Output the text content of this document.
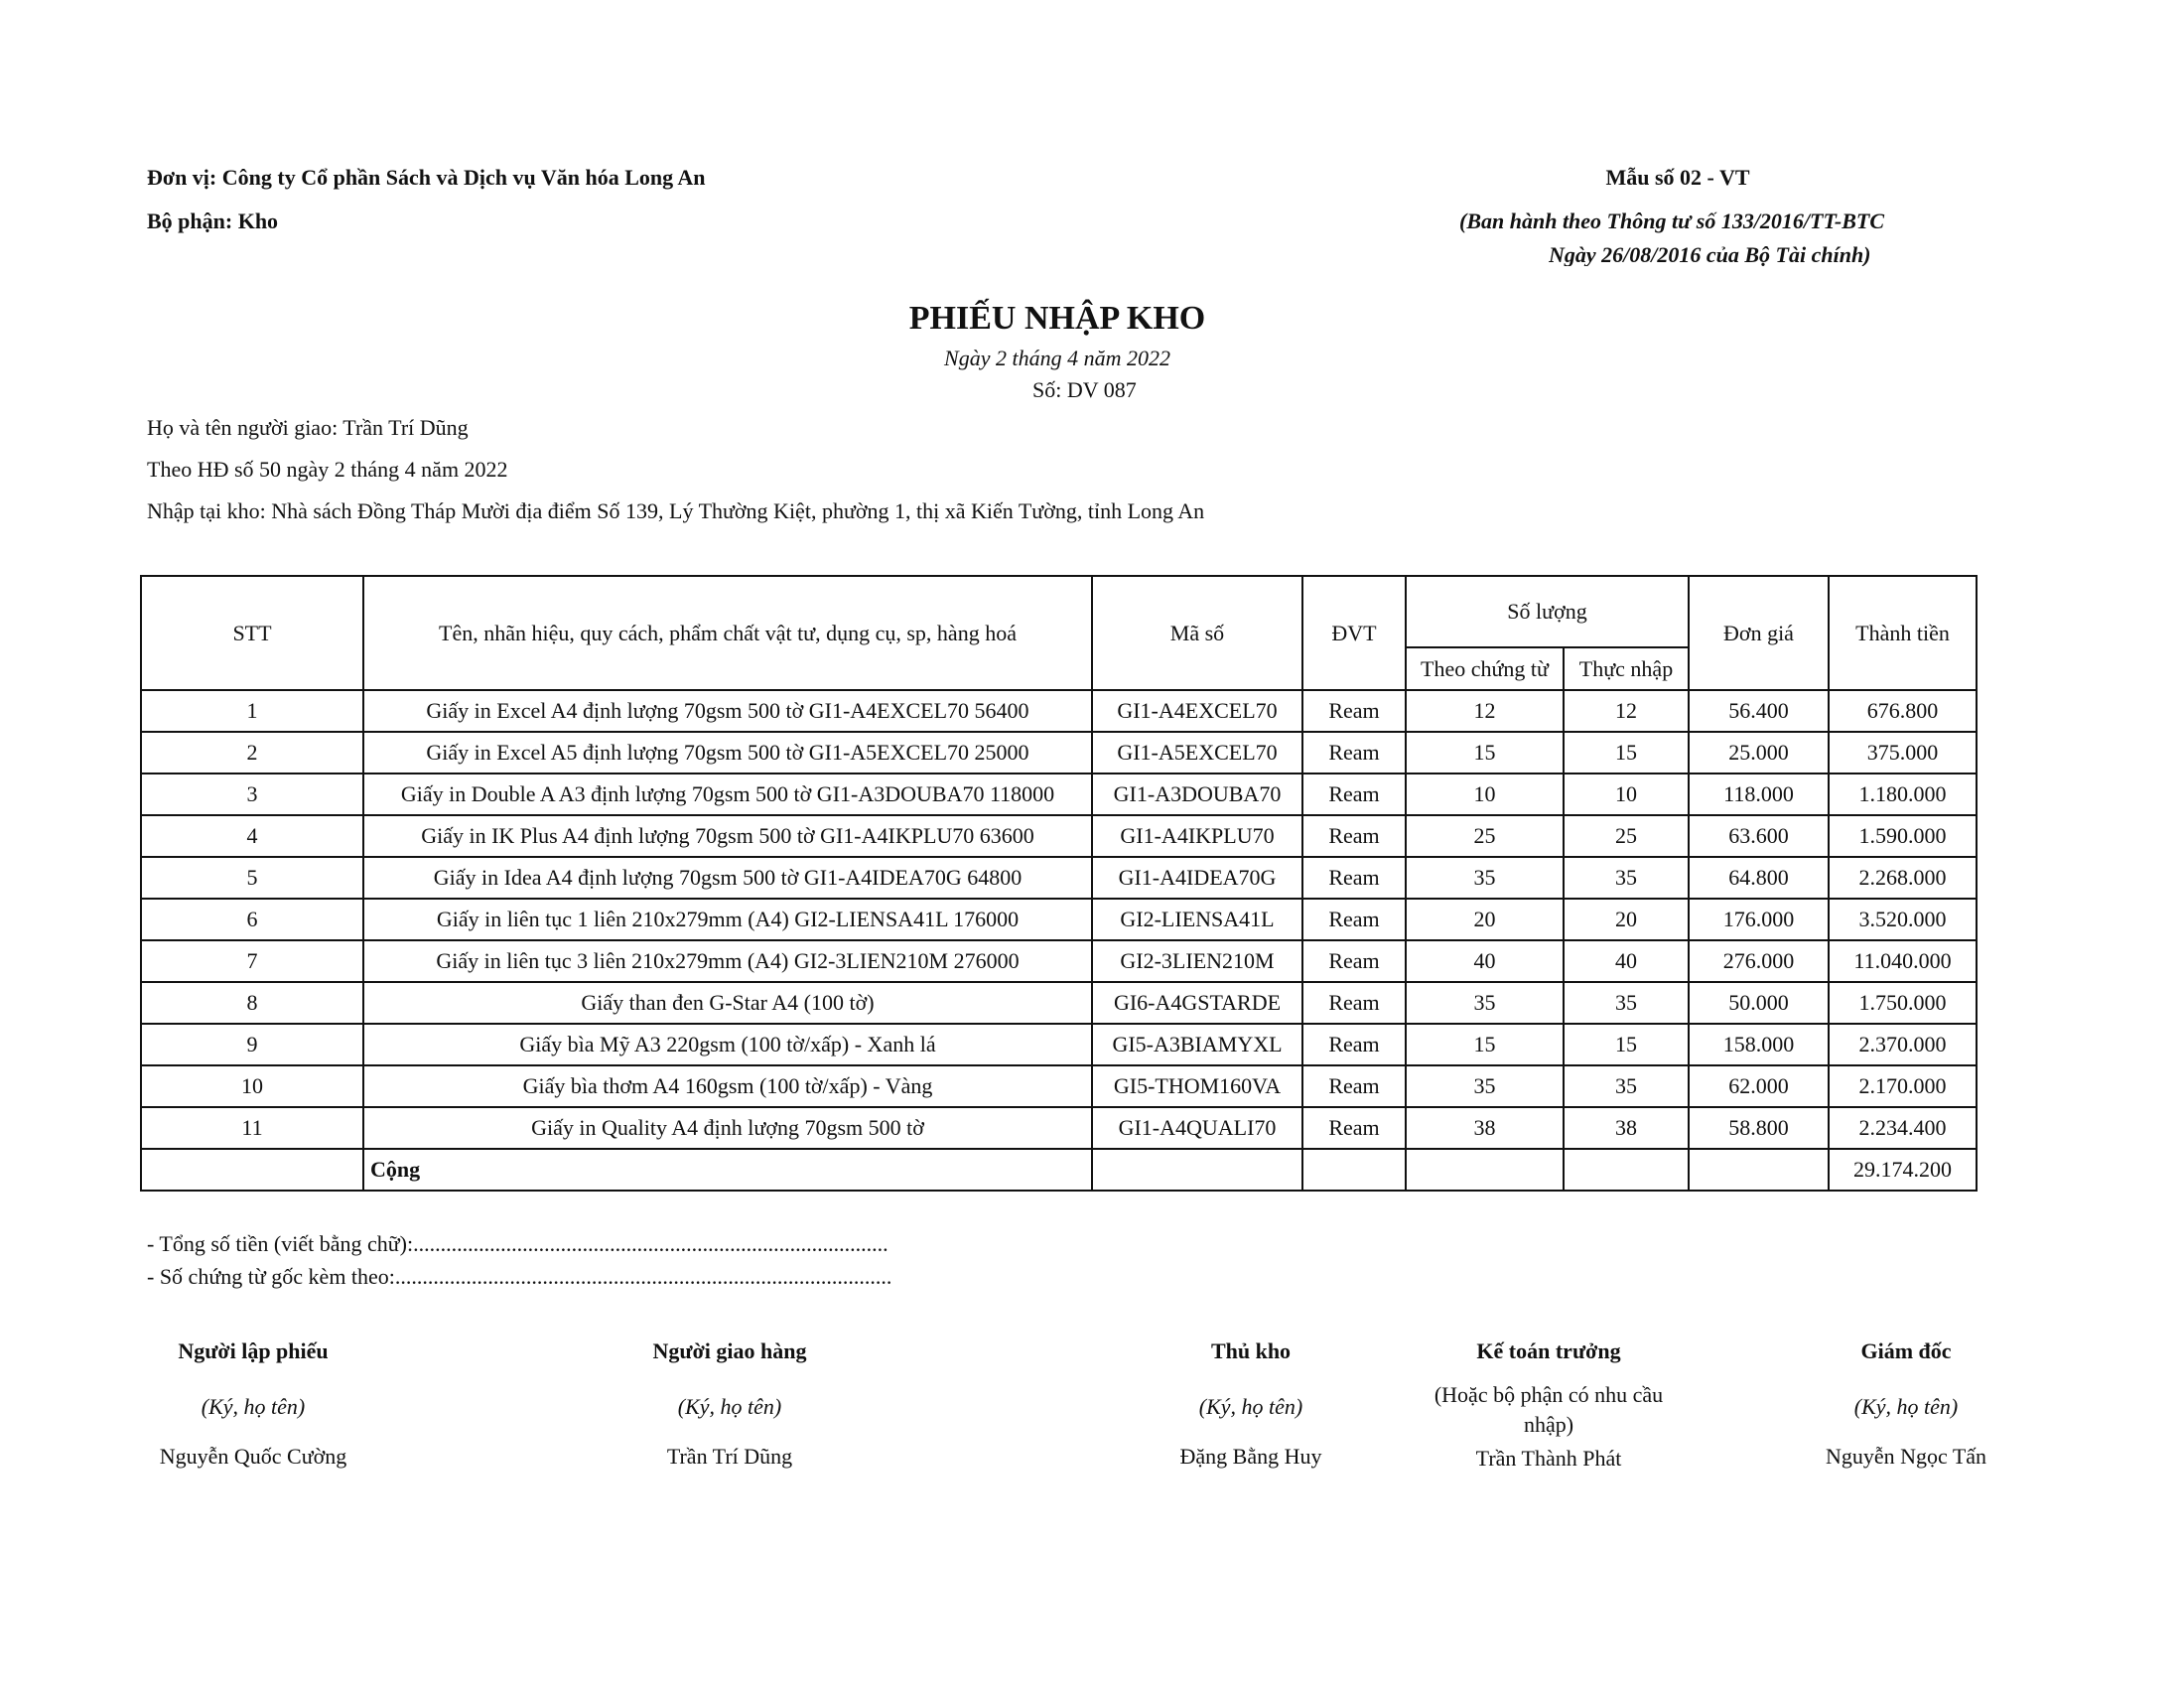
Đơn vị: Công ty Cổ phần Sách và Dịch vụ Văn hóa Long An
Bộ phận: Kho
Mẫu số 02 - VT
(Ban hành theo Thông tư số 133/2016/TT-BTC
Ngày 26/08/2016 của Bộ Tài chính)
PHIẾU NHẬP KHO
Ngày 2 tháng 4 năm 2022
Số: DV 087
Họ và tên người giao: Trần Trí Dũng
Theo HĐ số 50 ngày 2 tháng 4 năm 2022
Nhập tại kho: Nhà sách Đồng Tháp Mười địa điểm Số 139, Lý Thường Kiệt, phường 1, thị xã Kiến Tường, tỉnh Long An
STT	Tên, nhãn hiệu, quy cách, phẩm chất vật tư, dụng cụ, sp, hàng hoá	Mã số	ĐVT	Số lượng		Đơn giá	Thành tiền
				Theo chứng từ	Thực nhập		
1	Giấy in Excel A4 định lượng 70gsm 500 tờ GI1-A4EXCEL70 56400	GI1-A4EXCEL70	Ream	12	12	56.400	676.800
2	Giấy in Excel A5 định lượng 70gsm 500 tờ GI1-A5EXCEL70 25000	GI1-A5EXCEL70	Ream	15	15	25.000	375.000
3	Giấy in Double A A3 định lượng 70gsm 500 tờ GI1-A3DOUBA70 118000	GI1-A3DOUBA70	Ream	10	10	118.000	1.180.000
4	Giấy in IK Plus A4 định lượng 70gsm 500 tờ GI1-A4IKPLU70 63600	GI1-A4IKPLU70	Ream	25	25	63.600	1.590.000
5	Giấy in Idea A4 định lượng 70gsm 500 tờ GI1-A4IDEA70G 64800	GI1-A4IDEA70G	Ream	35	35	64.800	2.268.000
6	Giấy in liên tục 1 liên 210x279mm (A4) GI2-LIENSA41L 176000	GI2-LIENSA41L	Ream	20	20	176.000	3.520.000
7	Giấy in liên tục 3 liên 210x279mm (A4) GI2-3LIEN210M 276000	GI2-3LIEN210M	Ream	40	40	276.000	11.040.000
8	Giấy than đen G-Star A4 (100 tờ)	GI6-A4GSTARDE	Ream	35	35	50.000	1.750.000
9	Giấy bìa Mỹ A3 220gsm (100 tờ/xấp) - Xanh lá	GI5-A3BIAMYXL	Ream	15	15	158.000	2.370.000
10	Giấy bìa thơm A4 160gsm (100 tờ/xấp) - Vàng	GI5-THOM160VA	Ream	35	35	62.000	2.170.000
11	Giấy in Quality A4 định lượng 70gsm 500 tờ	GI1-A4QUALI70	Ream	38	38	58.800	2.234.400
	Cộng						29.174.200
- Tổng số tiền (viết bằng chữ):.......................................................................................
- Số chứng từ gốc kèm theo:...........................................................................................
Người lập phiếu
(Ký, họ tên)
Nguyễn Quốc Cường
Người giao hàng
(Ký, họ tên)
Trần Trí Dũng
Thủ kho
(Ký, họ tên)
Đặng Bằng Huy
Kế toán trưởng
(Hoặc bộ phận có nhu cầu nhập)
Trần Thành Phát
Giám đốc
(Ký, họ tên)
Nguyễn Ngọc Tấn
